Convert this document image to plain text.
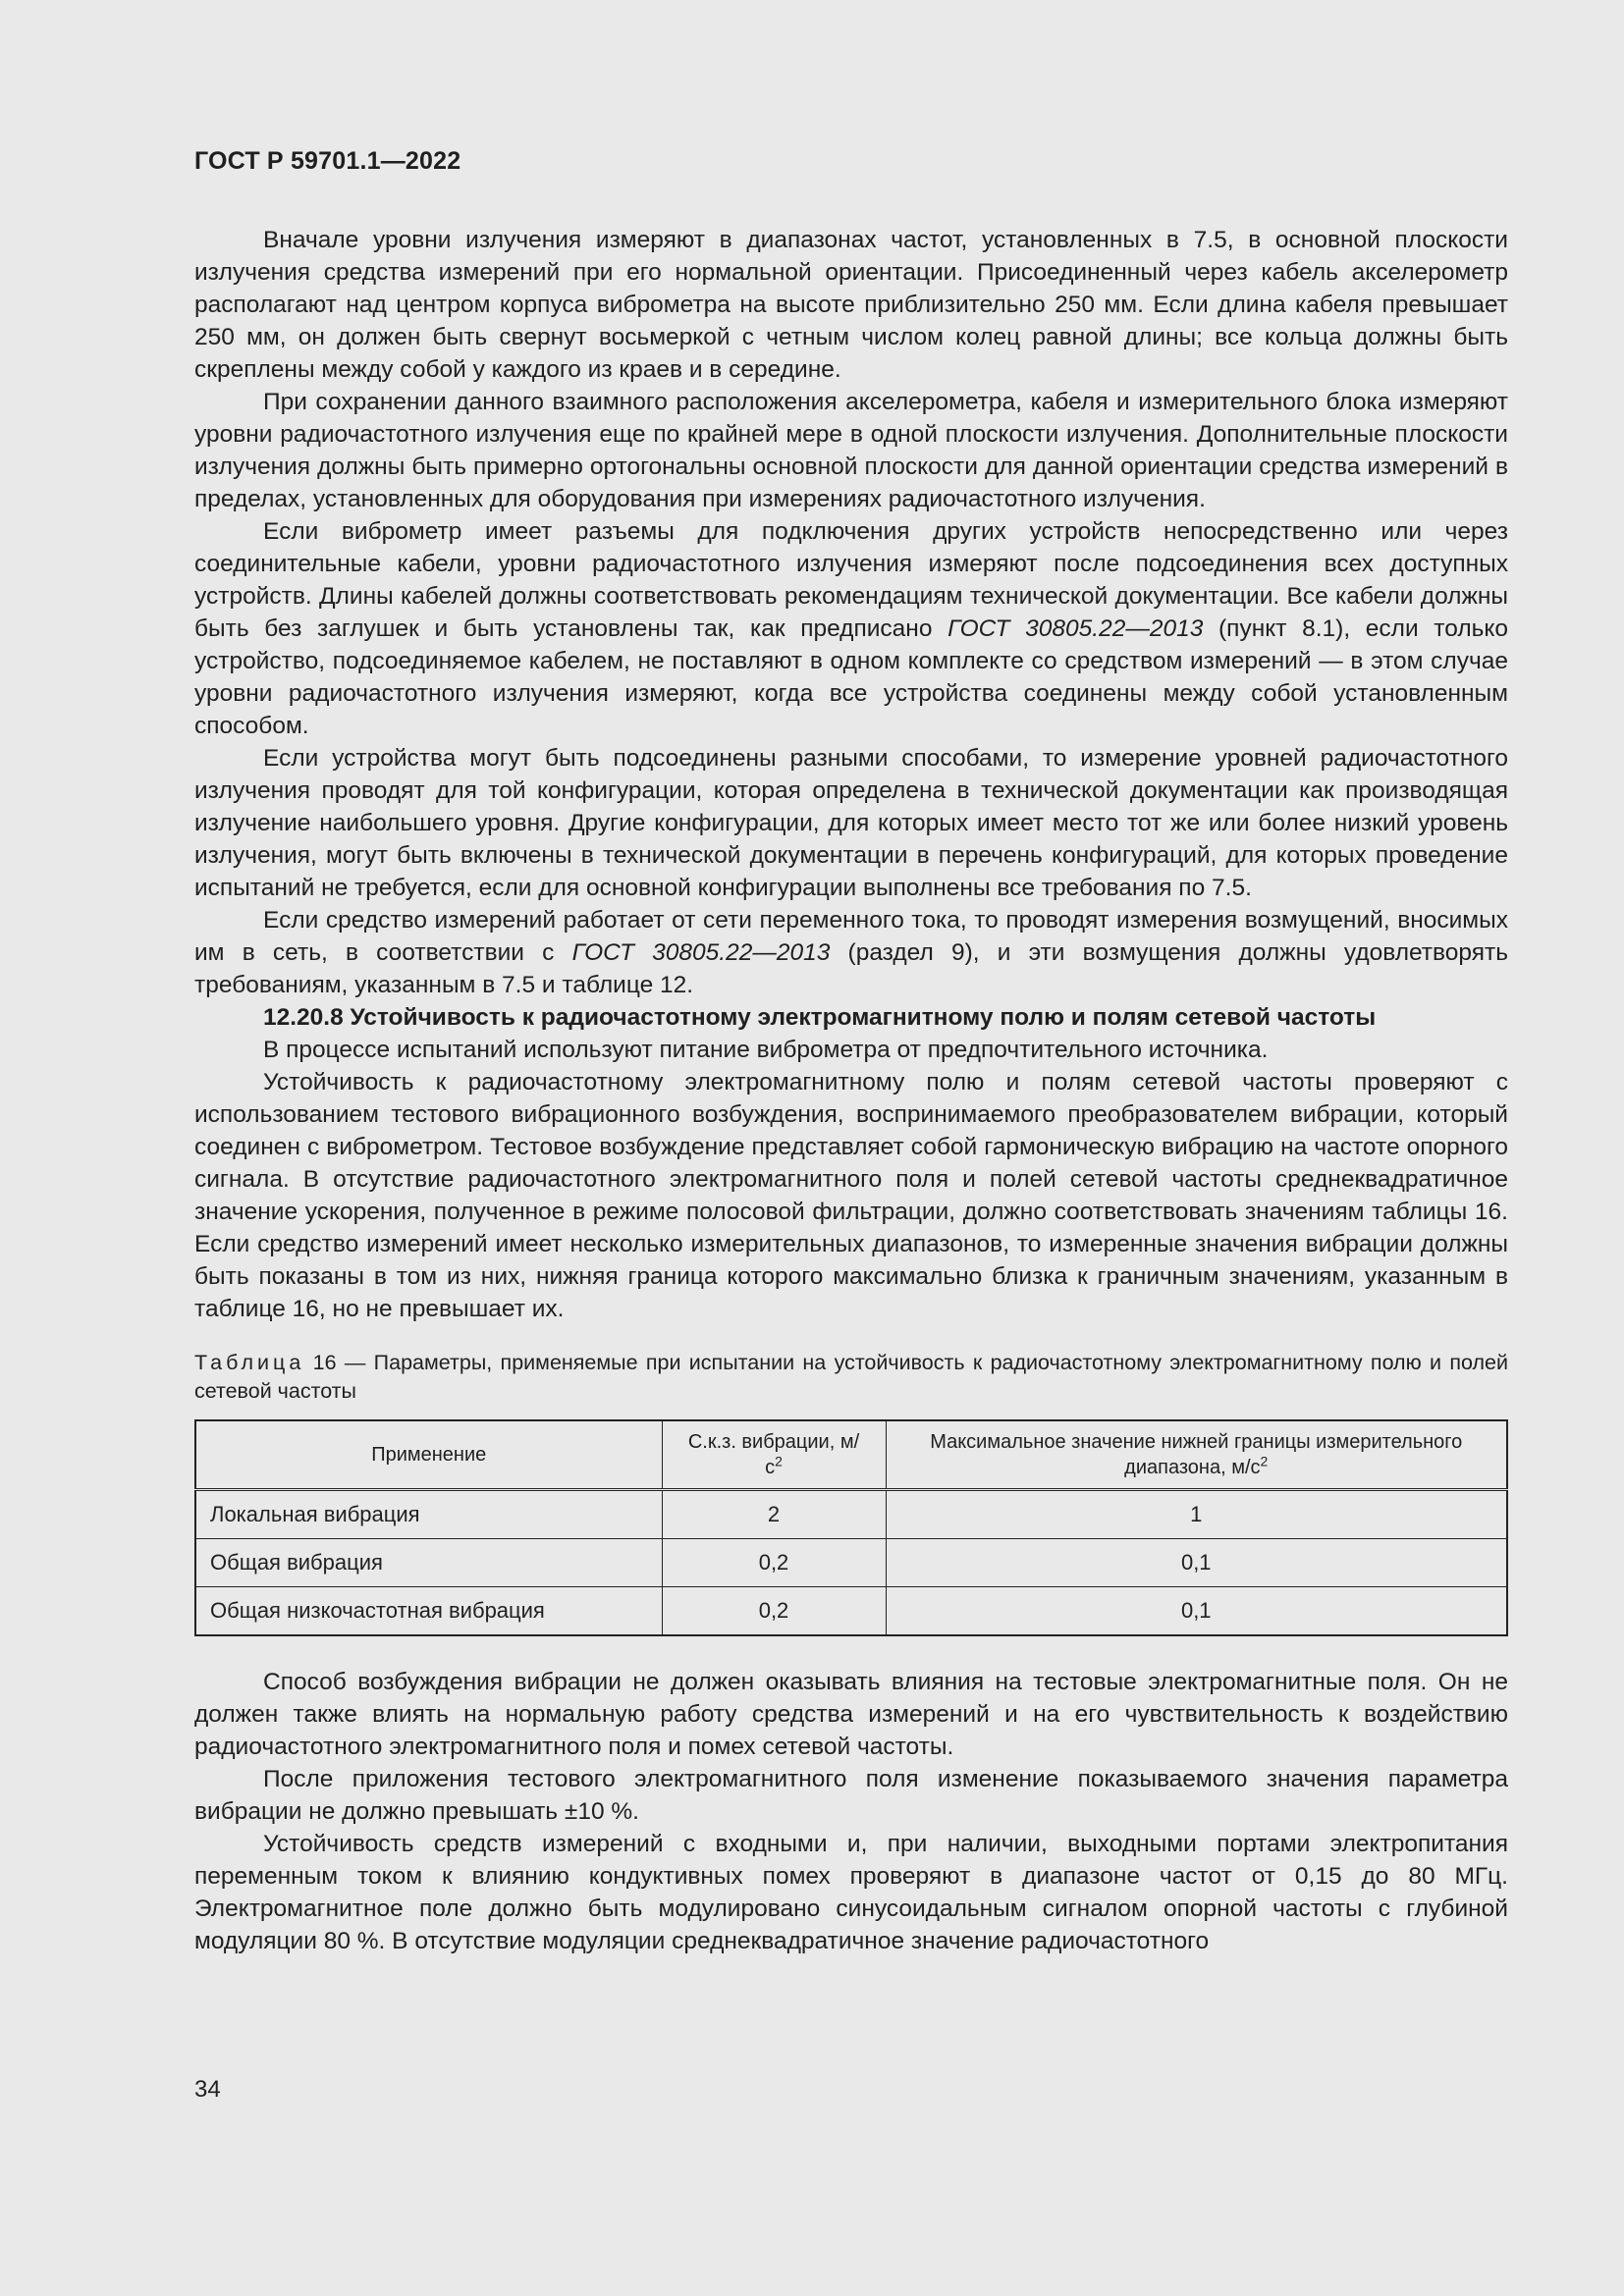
ГОСТ Р 59701.1—2022

Вначале уровни излучения измеряют в диапазонах частот, установленных в 7.5, в основной плоскости излучения средства измерений при его нормальной ориентации. Присоединенный через кабель акселерометр располагают над центром корпуса виброметра на высоте приблизительно 250 мм. Если длина кабеля превышает 250 мм, он должен быть свернут восьмеркой с четным числом колец равной длины; все кольца должны быть скреплены между собой у каждого из краев и в середине.

При сохранении данного взаимного расположения акселерометра, кабеля и измерительного блока измеряют уровни радиочастотного излучения еще по крайней мере в одной плоскости излучения. Дополнительные плоскости излучения должны быть примерно ортогональны основной плоскости для данной ориентации средства измерений в пределах, установленных для оборудования при измерениях радиочастотного излучения.

Если виброметр имеет разъемы для подключения других устройств непосредственно или через соединительные кабели, уровни радиочастотного излучения измеряют после подсоединения всех доступных устройств. Длины кабелей должны соответствовать рекомендациям технической документации. Все кабели должны быть без заглушек и быть установлены так, как предписано ГОСТ 30805.22—2013 (пункт 8.1), если только устройство, подсоединяемое кабелем, не поставляют в одном комплекте со средством измерений — в этом случае уровни радиочастотного излучения измеряют, когда все устройства соединены между собой установленным способом.

Если устройства могут быть подсоединены разными способами, то измерение уровней радиочастотного излучения проводят для той конфигурации, которая определена в технической документации как производящая излучение наибольшего уровня. Другие конфигурации, для которых имеет место тот же или более низкий уровень излучения, могут быть включены в технической документации в перечень конфигураций, для которых проведение испытаний не требуется, если для основной конфигурации выполнены все требования по 7.5.

Если средство измерений работает от сети переменного тока, то проводят измерения возмущений, вносимых им в сеть, в соответствии с ГОСТ 30805.22—2013 (раздел 9), и эти возмущения должны удовлетворять требованиям, указанным в 7.5 и таблице 12.

12.20.8 Устойчивость к радиочастотному электромагнитному полю и полям сетевой частоты

В процессе испытаний используют питание виброметра от предпочтительного источника.

Устойчивость к радиочастотному электромагнитному полю и полям сетевой частоты проверяют с использованием тестового вибрационного возбуждения, воспринимаемого преобразователем вибрации, который соединен с виброметром. Тестовое возбуждение представляет собой гармоническую вибрацию на частоте опорного сигнала. В отсутствие радиочастотного электромагнитного поля и полей сетевой частоты среднеквадратичное значение ускорения, полученное в режиме полосовой фильтрации, должно соответствовать значениям таблицы 16. Если средство измерений имеет несколько измерительных диапазонов, то измеренные значения вибрации должны быть показаны в том из них, нижняя граница которого максимально близка к граничным значениям, указанным в таблице 16, но не превышает их.

Таблица 16 — Параметры, применяемые при испытании на устойчивость к радиочастотному электромагнитному полю и полей сетевой частоты
Применение	С.к.з. вибрации, $м/с^2$	Максимальное значение нижней границы измерительного диапазона, $м/с^2$
Локальная вибрация	2	1
Общая вибрация	0,2	0,1
Общая низкочастотная вибрация	0,2	0,1

Способ возбуждения вибрации не должен оказывать влияния на тестовые электромагнитные поля. Он не должен также влиять на нормальную работу средства измерений и на его чувствительность к воздействию радиочастотного электромагнитного поля и помех сетевой частоты.

После приложения тестового электромагнитного поля изменение показываемого значения параметра вибрации не должно превышать ±10 %.

Устойчивость средств измерений с входными и, при наличии, выходными портами электропитания переменным током к влиянию кондуктивных помех проверяют в диапазоне частот от 0,15 до 80 МГц. Электромагнитное поле должно быть модулировано синусоидальным сигналом опорной частоты с глубиной модуляции 80 %. В отсутствие модуляции среднеквадратичное значение радиочастотного

34
